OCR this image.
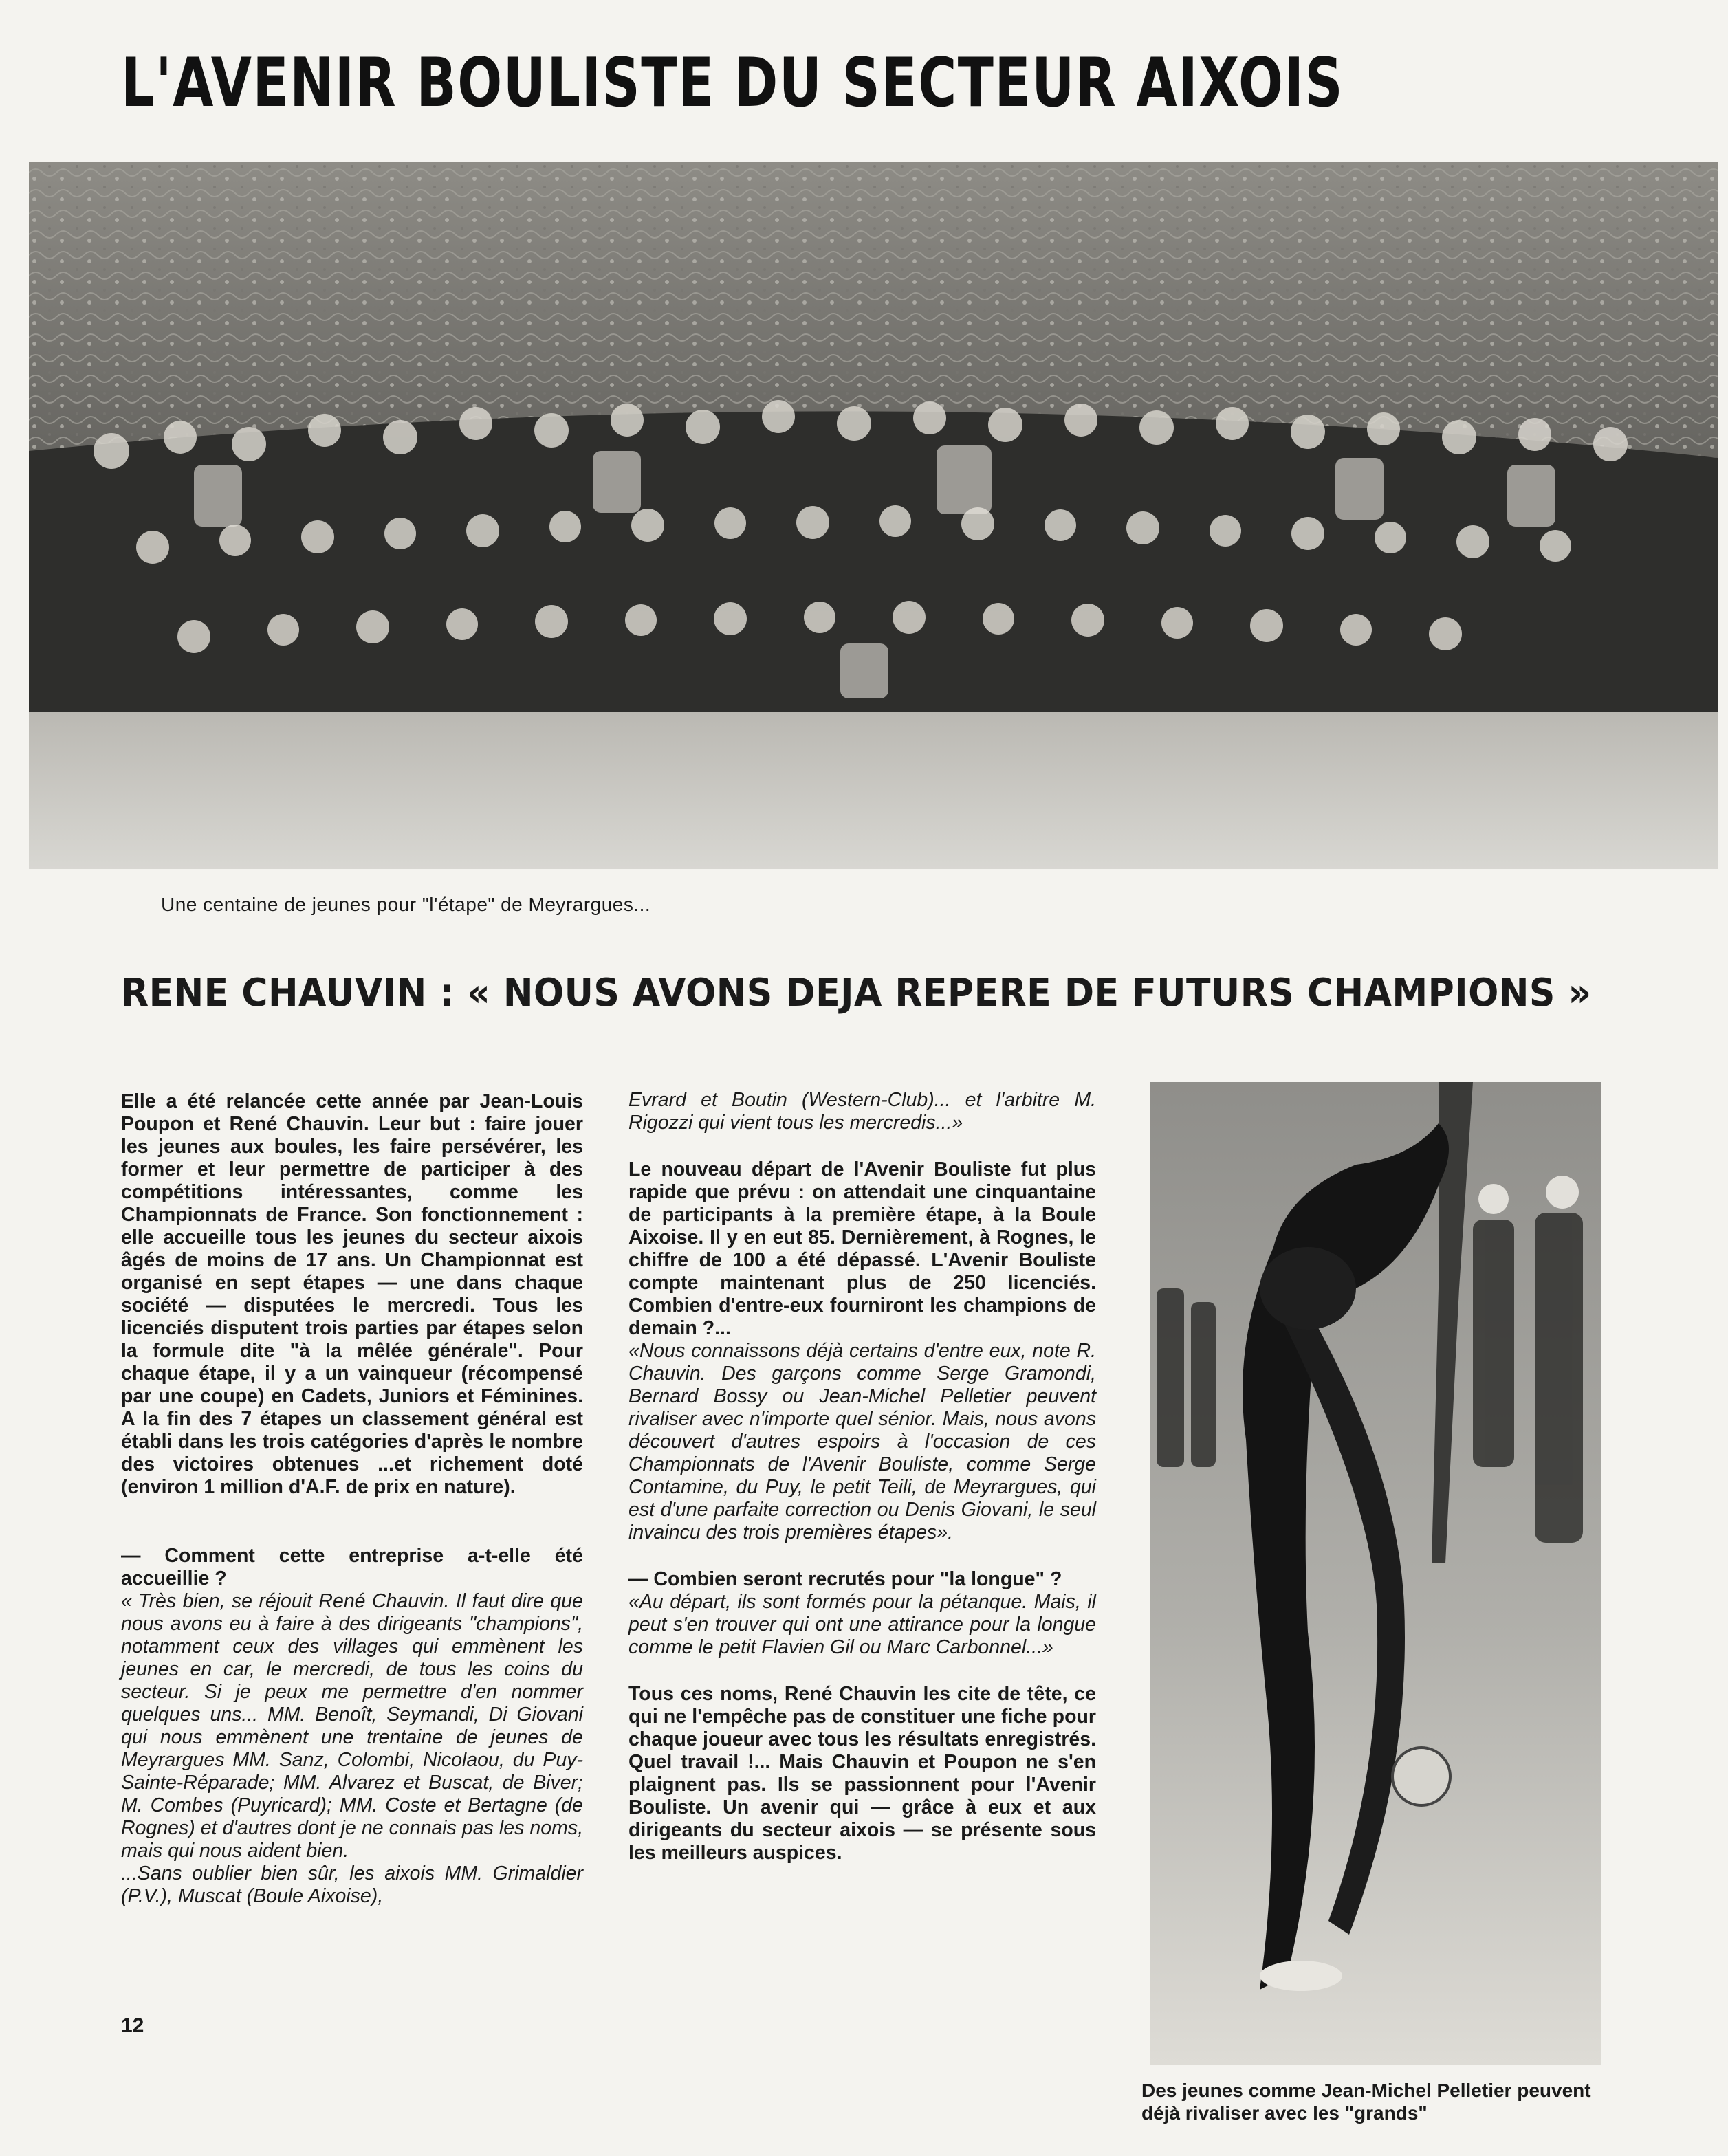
L'AVENIR BOULISTE DU SECTEUR AIXOIS
Une centaine de jeunes pour "l'étape" de Meyrargues...
RENE CHAUVIN : « NOUS AVONS DEJA REPERE DE FUTURS CHAMPIONS »

Elle a été relancée cette année par Jean-Louis Poupon et René Chauvin. Leur but : faire jouer les jeunes aux boules, les faire persévérer, les former et leur permettre de participer à des compétitions intéressantes, comme les Championnats de France. Son fonctionnement : elle accueille tous les jeunes du secteur aixois âgés de moins de 17 ans. Un Championnat est organisé en sept étapes — une dans chaque société — disputées le mercredi. Tous les licenciés disputent trois parties par étapes selon la formule dite "à la mêlée générale". Pour chaque étape, il y a un vainqueur (récompensé par une coupe) en Cadets, Juniors et Féminines. A la fin des 7 étapes un classement général est établi dans les trois catégories d'après le nombre des victoires obtenues ...et richement doté (environ 1 million d'A.F. de prix en nature).

— Comment cette entreprise a-t-elle été accueillie ?

« Très bien, se réjouit René Chauvin. Il faut dire que nous avons eu à faire à des dirigeants "champions", notamment ceux des villages qui emmènent les jeunes en car, le mercredi, de tous les coins du secteur. Si je peux me permettre d'en nommer quelques uns... MM. Benoît, Seymandi, Di Giovani qui nous emmènent une trentaine de jeunes de Meyrargues MM. Sanz, Colombi, Nicolaou, du Puy-Sainte-Réparade; MM. Alvarez et Buscat, de Biver; M. Combes (Puyricard); MM. Coste et Bertagne (de Rognes) et d'autres dont je ne connais pas les noms, mais qui nous aident bien.

...Sans oublier bien sûr, les aixois MM. Grimaldier (P.V.), Muscat (Boule Aixoise),

Evrard et Boutin (Western-Club)... et l'arbitre M. Rigozzi qui vient tous les mercredis...»

Le nouveau départ de l'Avenir Bouliste fut plus rapide que prévu : on attendait une cinquantaine de participants à la première étape, à la Boule Aixoise. Il y en eut 85. Dernièrement, à Rognes, le chiffre de 100 a été dépassé. L'Avenir Bouliste compte maintenant plus de 250 licenciés. Combien d'entre-eux fourniront les champions de demain ?...

«Nous connaissons déjà certains d'entre eux, note R. Chauvin. Des garçons comme Serge Gramondi, Bernard Bossy ou Jean-Michel Pelletier peuvent rivaliser avec n'importe quel sénior. Mais, nous avons découvert d'autres espoirs à l'occasion de ces Championnats de l'Avenir Bouliste, comme Serge Contamine, du Puy, le petit Teili, de Meyrargues, qui est d'une parfaite correction ou Denis Giovani, le seul invaincu des trois premières étapes».

— Combien seront recrutés pour "la longue" ?

«Au départ, ils sont formés pour la pétanque. Mais, il peut s'en trouver qui ont une attirance pour la longue comme le petit Flavien Gil ou Marc Carbonnel...»

Tous ces noms, René Chauvin les cite de tête, ce qui ne l'empêche pas de constituer une fiche pour chaque joueur avec tous les résultats enregistrés. Quel travail !... Mais Chauvin et Poupon ne s'en plaignent pas. Ils se passionnent pour l'Avenir Bouliste. Un avenir qui — grâce à eux et aux dirigeants du secteur aixois — se présente sous les meilleurs auspices.

Des jeunes comme Jean-Michel Pelletier peuvent déjà rivaliser avec les "grands"
12
